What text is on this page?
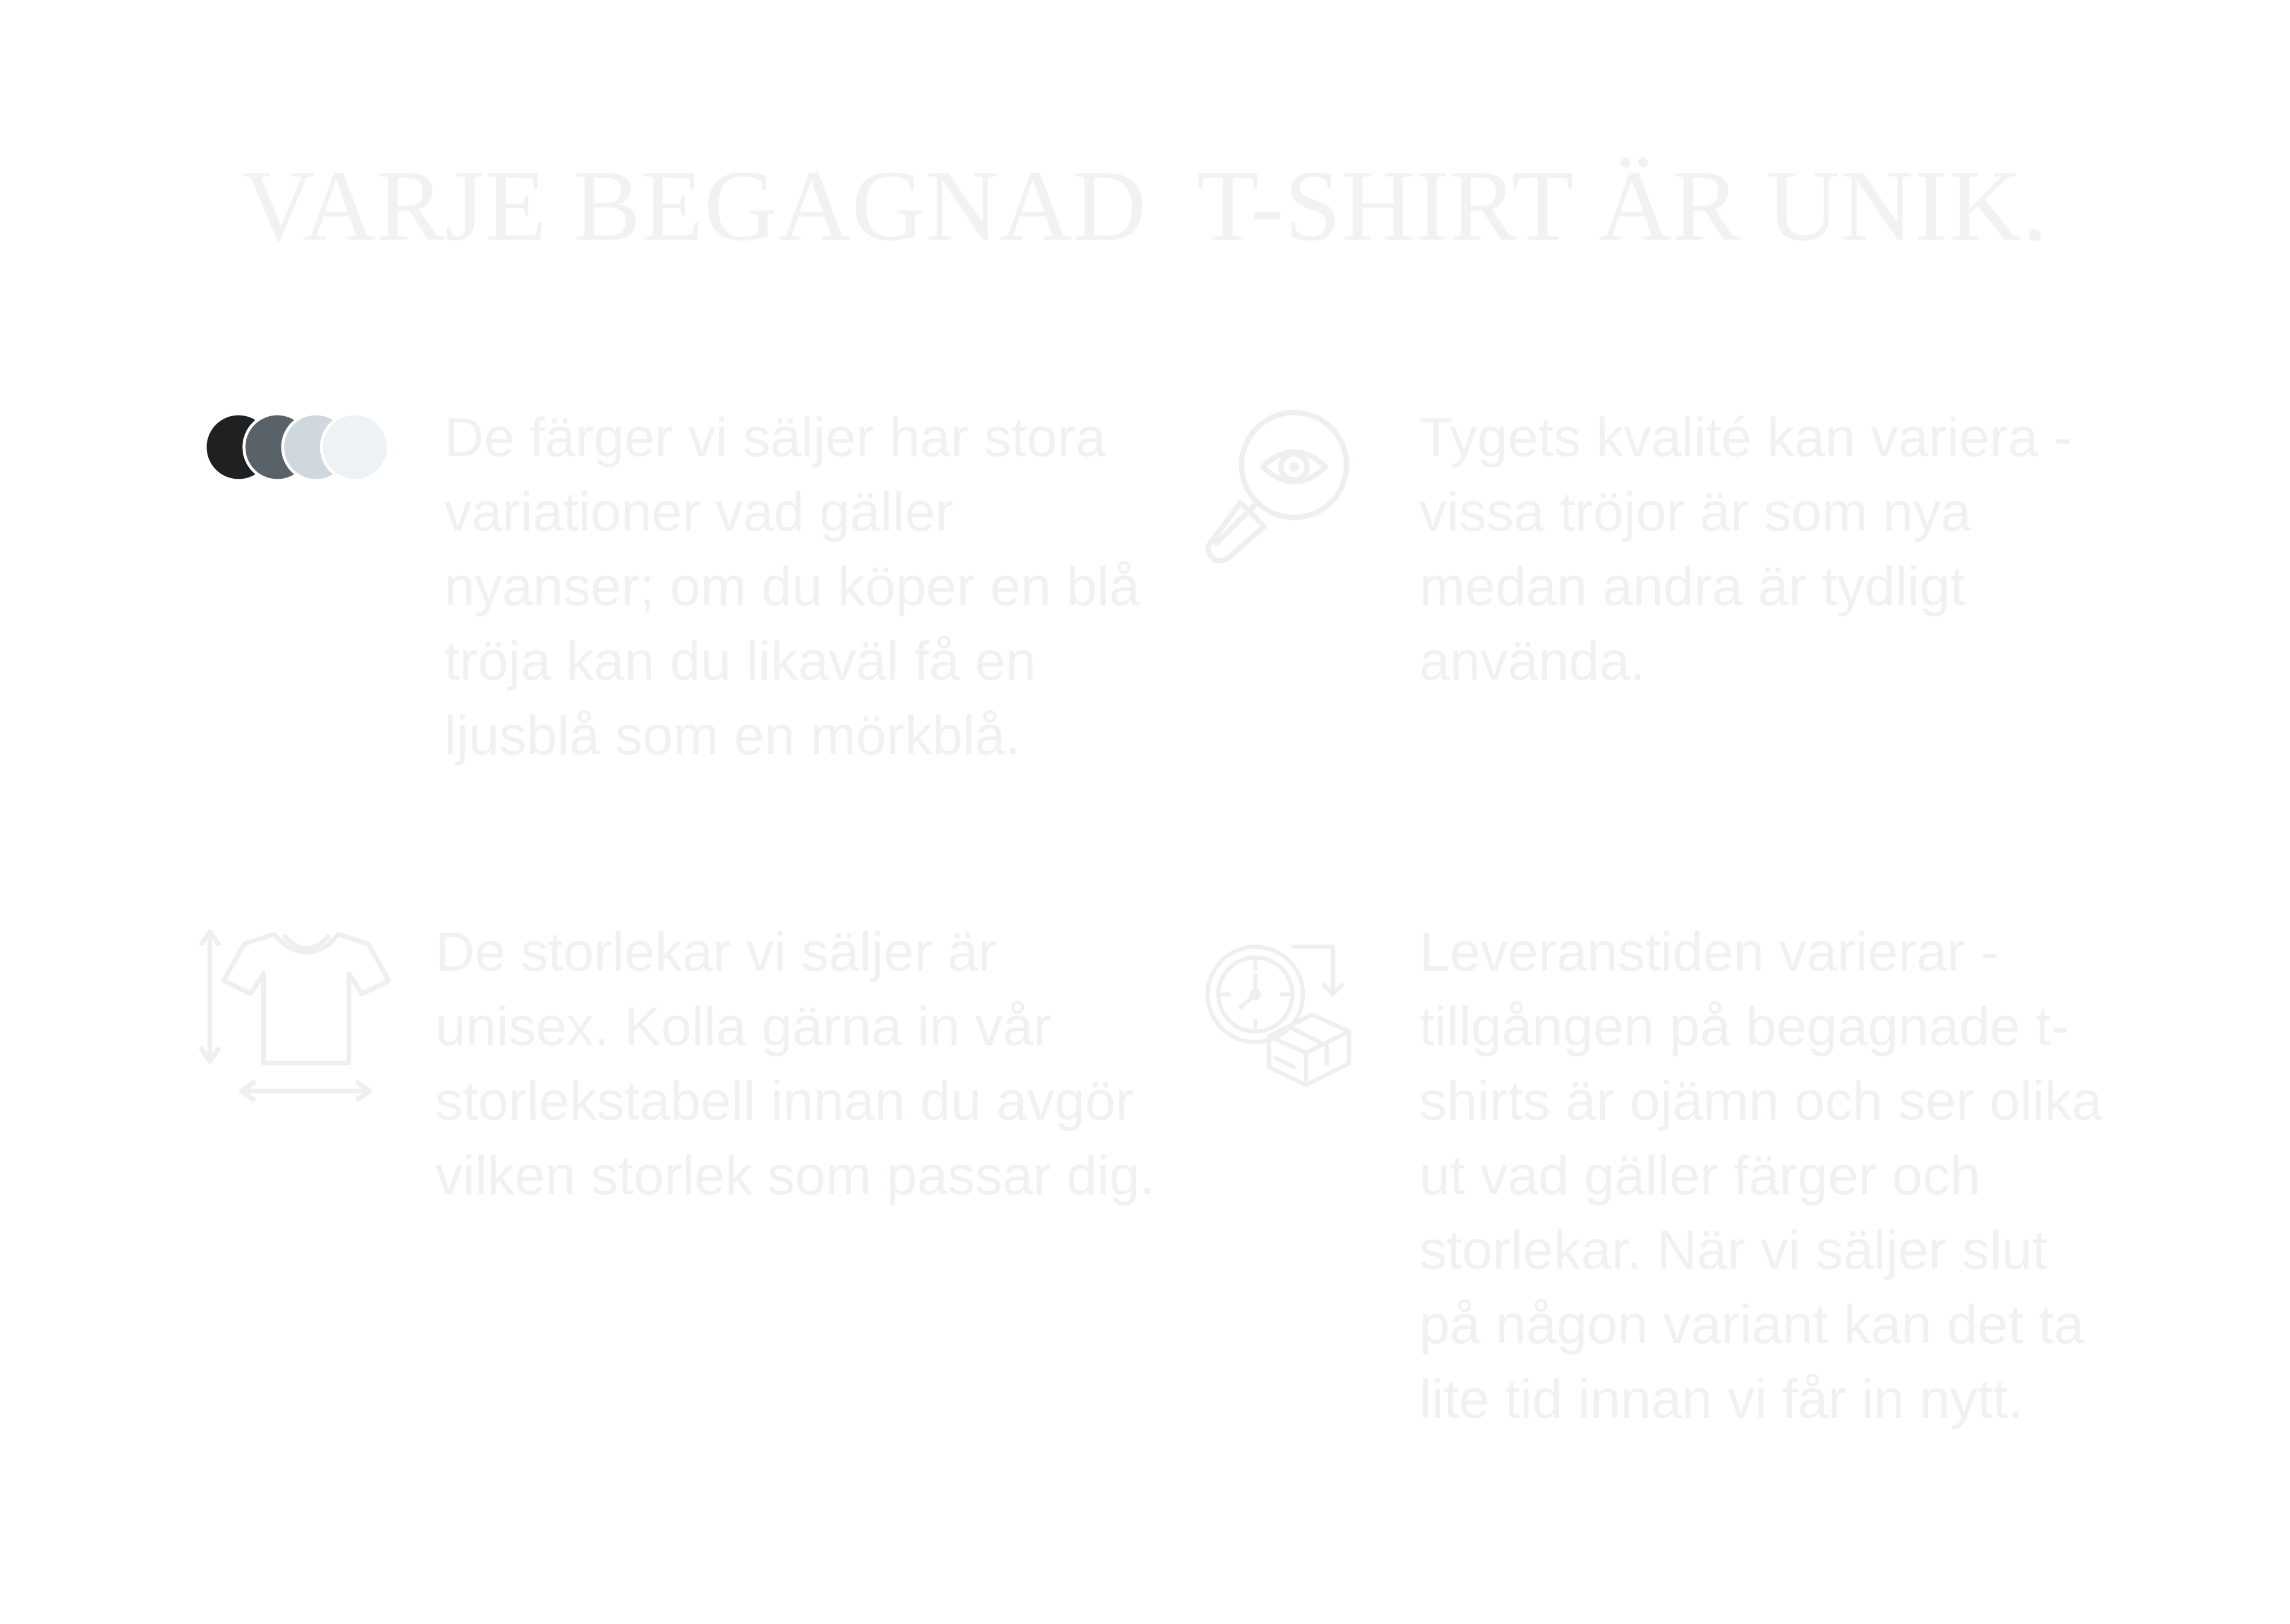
VARJE BEGAGNAD  T-SHIRT ÄR UNIK.

De färger vi säljer har stora variationer vad gäller nyanser; om du köper en blå tröja kan du likaväl få en ljusblå som en mörkblå.

Tygets kvalité kan variera - vissa tröjor är som nya medan andra är tydligt använda.

De storlekar vi säljer är unisex. Kolla gärna in vår storlekstabell innan du avgör vilken storlek som passar dig.

Leveranstiden varierar - tillgången på begagnade t-shirts är ojämn och ser olika ut vad gäller färger och storlekar. När vi säljer slut på någon variant kan det ta lite tid innan vi får in nytt.
